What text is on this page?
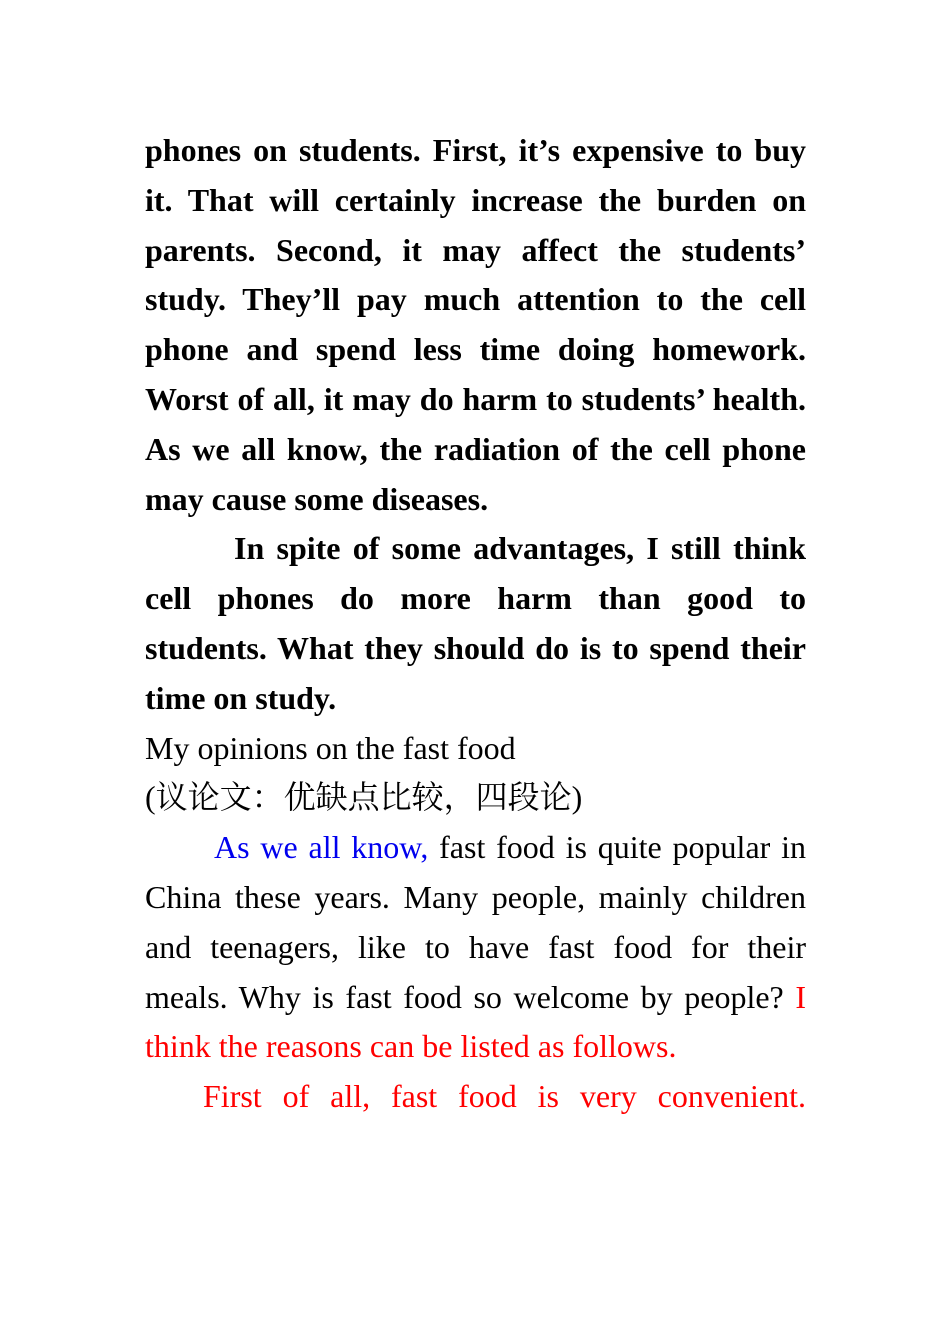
phones on students. First, it’s expensive to buy it. That will certainly increase the burden on parents. Second, it may affect the students’ study. They’ll pay much attention to the cell phone and spend less time doing homework. Worst of all, it may do harm to students’ health. As we all know, the radiation of the cell phone may cause some diseases.

In spite of some advantages, I still think cell phones do more harm than good to students. What they should do is to spend their time on study.

My opinions on the fast food

(议论文：优缺点比较，四段论)

As we all know, fast food is quite popular in China these years. Many people, mainly children and teenagers, like to have fast food for their meals. Why is fast food so welcome by people? I think the reasons can be listed as follows.

First of all, fast food is very convenient.
